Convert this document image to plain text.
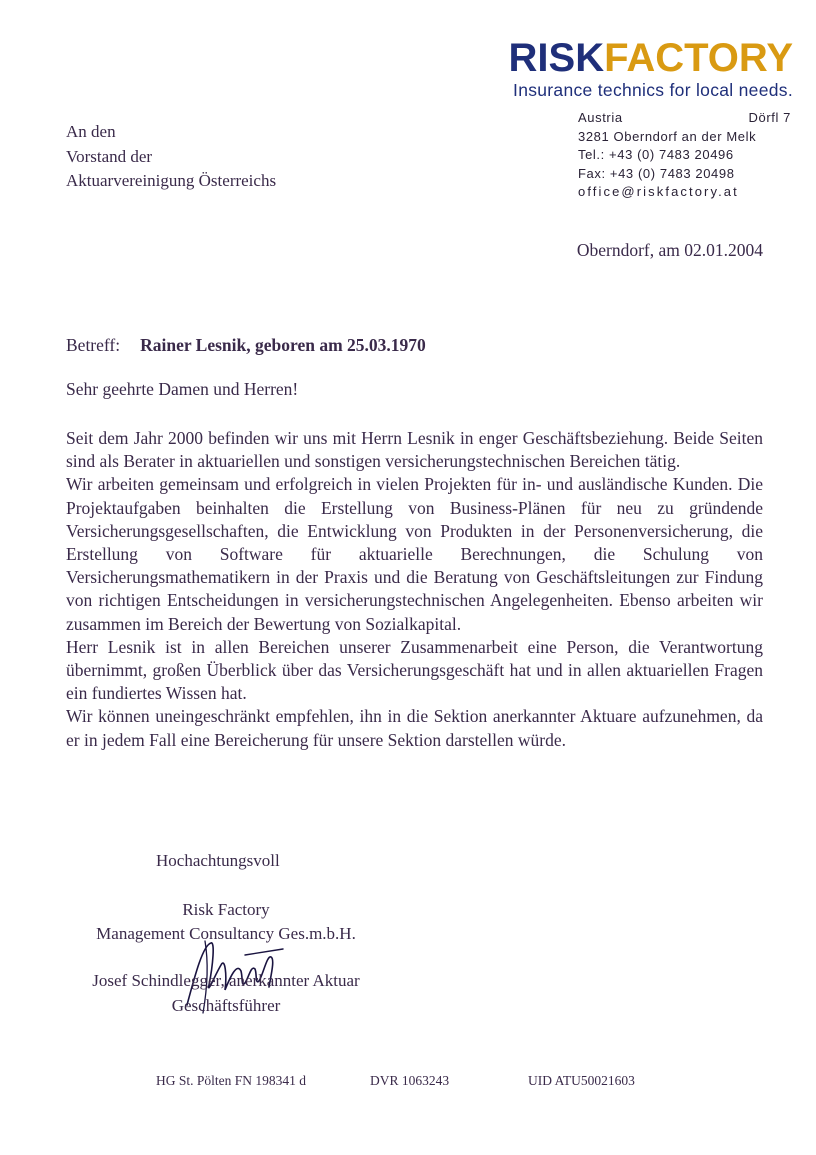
RISKFACTORY
Insurance technics for local needs.
Austria	Dörfl 7
3281 Oberndorf an der Melk
Tel.: +43 (0) 7483 20496
Fax: +43 (0) 7483 20498
office@riskfactory.at
An den
Vorstand der
Aktuarvereinigung Österreichs
Oberndorf, am 02.01.2004
Betreff: Rainer Lesnik, geboren am 25.03.1970
Sehr geehrte Damen und Herren!

Seit dem Jahr 2000 befinden wir uns mit Herrn Lesnik in enger Geschäftsbeziehung. Beide Seiten sind als Berater in aktuariellen und sonstigen versicherungstechnischen Bereichen tätig.

Wir arbeiten gemeinsam und erfolgreich in vielen Projekten für in- und ausländische Kunden. Die Projektaufgaben beinhalten die Erstellung von Business-Plänen für neu zu gründende Versicherungsgesellschaften, die Entwicklung von Produkten in der Personenversicherung, die Erstellung von Software für aktuarielle Berechnungen, die Schulung von Versicherungsmathematikern in der Praxis und die Beratung von Geschäftsleitungen zur Findung von richtigen Entscheidungen in versicherungstechnischen Angelegenheiten. Ebenso arbeiten wir zusammen im Bereich der Bewertung von Sozialkapital.

Herr Lesnik ist in allen Bereichen unserer Zusammenarbeit eine Person, die Verantwortung übernimmt, großen Überblick über das Versicherungsgeschäft hat und in allen aktuariellen Fragen ein fundiertes Wissen hat.

Wir können uneingeschränkt empfehlen, ihn in die Sektion anerkannter Aktuare aufzunehmen, da er in jedem Fall eine Bereicherung für unsere Sektion darstellen würde.

Hochachtungsvoll
Risk Factory
Management Consultancy Ges.m.b.H.
Josef Schindlegger, anerkannter Aktuar
Geschäftsführer
HG St. Pölten FN 198341 d	DVR 1063243	UID ATU50021603
